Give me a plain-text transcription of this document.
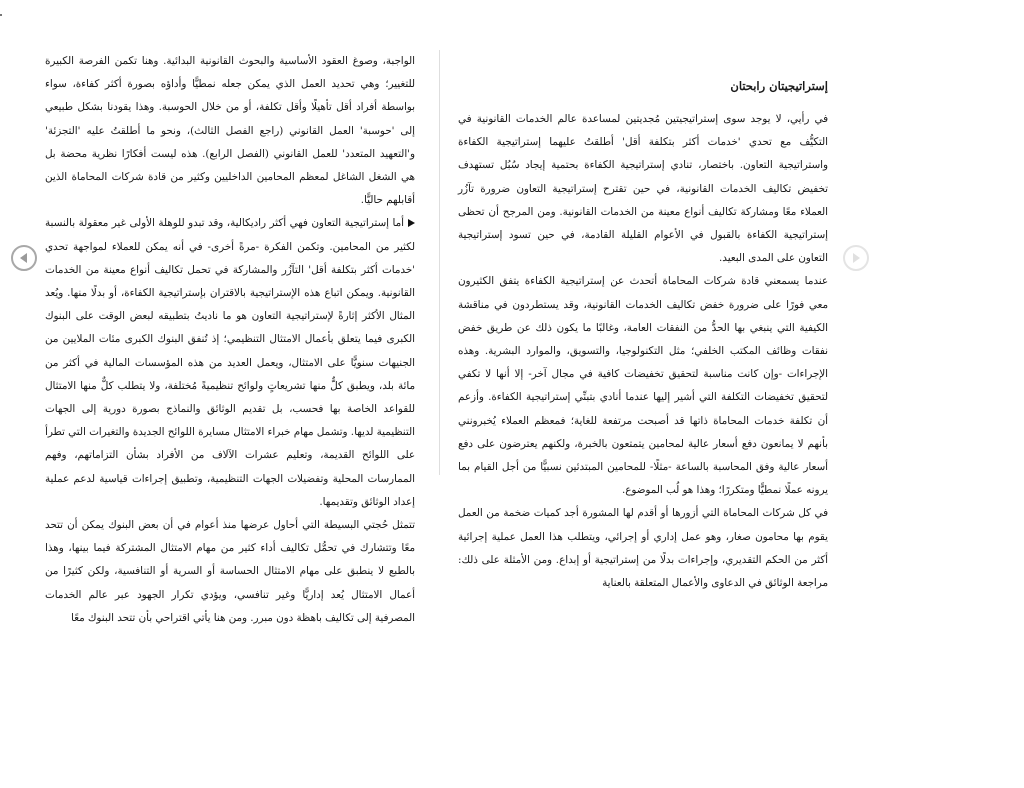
الواجبة، وصوغ العقود الأساسية والبحوث القانونية البدائية. وهنا تكمن الفرصة الكبيرة للتغيير؛ وهي تحديد العمل الذي يمكن جعله نمطيًّا وأداؤه بصورة أكثر كفاءة، سواء بواسطة أفراد أقل تأهيلًا وأقل تكلفة، أو من خلال الحوسبة. وهذا يقودنا بشكل طبيعي إلى 'حوسبة' العمل القانوني (راجع الفصل الثالث)، ونحو ما أطلقتُ عليه 'التجزئة' و'التعهيد المتعدد' للعمل القانوني (الفصل الرابع). هذه ليست أفكارًا نظرية محضة بل هي الشغل الشاغل لمعظم المحامين الداخليين وكثير من قادة شركات المحاماة الذين أقابلهم حاليًّا.

أما إستراتيجية التعاون فهي أكثر راديكالية، وقد تبدو للوهلة الأولى غير معقولة بالنسبة لكثير من المحامين. وتكمن الفكرة -مرةً أخرى- في أنه يمكن للعملاء لمواجهة تحدي 'خدمات أكثر بتكلفة أقل' التآزُر والمشاركة في تحمل تكاليف أنواع معينة من الخدمات القانونية. ويمكن اتباع هذه الإستراتيجية بالاقتران بإستراتيجية الكفاءة، أو بدلًا منها. ويُعد المثال الأكثر إثارةً لإستراتيجية التعاون هو ما ناديتُ بتطبيقه لبعض الوقت على البنوك الكبرى فيما يتعلق بأعمال الامتثال التنظيمي؛ إذ تُنفق البنوك الكبرى مئات الملايين من الجنيهات سنويًّا على الامتثال، ويعمل العديد من هذه المؤسسات المالية في أكثر من مائة بلد، ويطبق كلٌّ منها تشريعاتٍ ولوائح تنظيميةً مُختلفة، ولا يتطلب كلٌّ منها الامتثال للقواعد الخاصة بها فحسب، بل تقديم الوثائق والنماذج بصورة دورية إلى الجهات التنظيمية لديها. وتشمل مهام خبراء الامتثال مسايرة اللوائح الجديدة والتغيرات التي تطرأ على اللوائح القديمة، وتعليم عشرات الآلاف من الأفراد بشأن التزاماتهم، وفهم الممارسات المحلية وتفضيلات الجهات التنظيمية، وتطبيق إجراءات قياسية لدعم عملية إعداد الوثائق وتقديمها.

تتمثل حُجتي البسيطة التي أحاول عرضها منذ أعوام في أن بعض البنوك يمكن أن تتحد معًا وتتشارك في تحمُّل تكاليف أداء كثير من مهام الامتثال المشتركة فيما بينها، وهذا بالطبع لا ينطبق على مهام الامتثال الحساسة أو السرية أو التنافسية، ولكن كثيرًا من أعمال الامتثال يُعد إداريًّا وغير تنافسي، ويؤدي تكرار الجهود عبر عالم الخدمات المصرفية إلى تكاليف باهظة دون مبرر. ومن هنا يأتي اقتراحي بأن تتحد البنوك معًا

إستراتيجيتان رابحتان

في رأيي، لا يوجد سوى إستراتيجيتين مُجديتين لمساعدة عالم الخدمات القانونية في التكيُّف مع تحدي 'خدمات أكثر بتكلفة أقل' أطلقتُ عليهما إستراتيجية الكفاءة واستراتيجية التعاون. باختصار، تنادي إستراتيجية الكفاءة بحتمية إيجاد سُبُل تستهدف تخفيض تكاليف الخدمات القانونية، في حين تقترح إستراتيجية التعاون ضرورة تآزُر العملاء معًا ومشاركة تكاليف أنواع معينة من الخدمات القانونية. ومن المرجح أن تحظى إستراتيجية الكفاءة بالقبول في الأعوام القليلة القادمة، في حين تسود إستراتيجية التعاون على المدى البعيد.

عندما يسمعني قادة شركات المحاماة أتحدث عن إستراتيجية الكفاءة يتفق الكثيرون معي فورًا على ضرورة خفض تكاليف الخدمات القانونية، وقد يستطردون في مناقشة الكيفية التي ينبغي بها الحدُّ من النفقات العامة، وغالبًا ما يكون ذلك عن طريق خفض نفقات وظائف المكتب الخلفي؛ مثل التكنولوجيا، والتسويق، والموارد البشرية. وهذه الإجراءات -وإن كانت مناسبة لتحقيق تخفيضات كافية في مجال آخر- إلا أنها لا تكفي لتحقيق تخفيضات التكلفة التي أشير إليها عندما أنادي بتبنِّي إستراتيجية الكفاءة. وأزعم أن تكلفة خدمات المحاماة ذاتها قد أصبحت مرتفعة للغاية؛ فمعظم العملاء يُخبرونني بأنهم لا يمانعون دفع أسعار عالية لمحامين يتمتعون بالخبرة، ولكنهم يعترضون على دفع أسعار عالية وفق المحاسبة بالساعة -مثلًا- للمحامين المبتدئين نسبيًّا من أجل القيام بما يرونه عملًا نمطيًّا ومتكررًا؛ وهذا هو لُب الموضوع.

في كل شركات المحاماة التي أزورها أو أقدم لها المشورة أجد كميات ضخمة من العمل يقوم بها محامون صغار، وهو عمل إداري أو إجرائي، ويتطلب هذا العمل عملية إجرائية أكثر من الحكم التقديري، وإجراءات بدلًا من إستراتيجية أو إبداع. ومن الأمثلة على ذلك: مراجعة الوثائق في الدعاوى والأعمال المتعلقة بالعناية
